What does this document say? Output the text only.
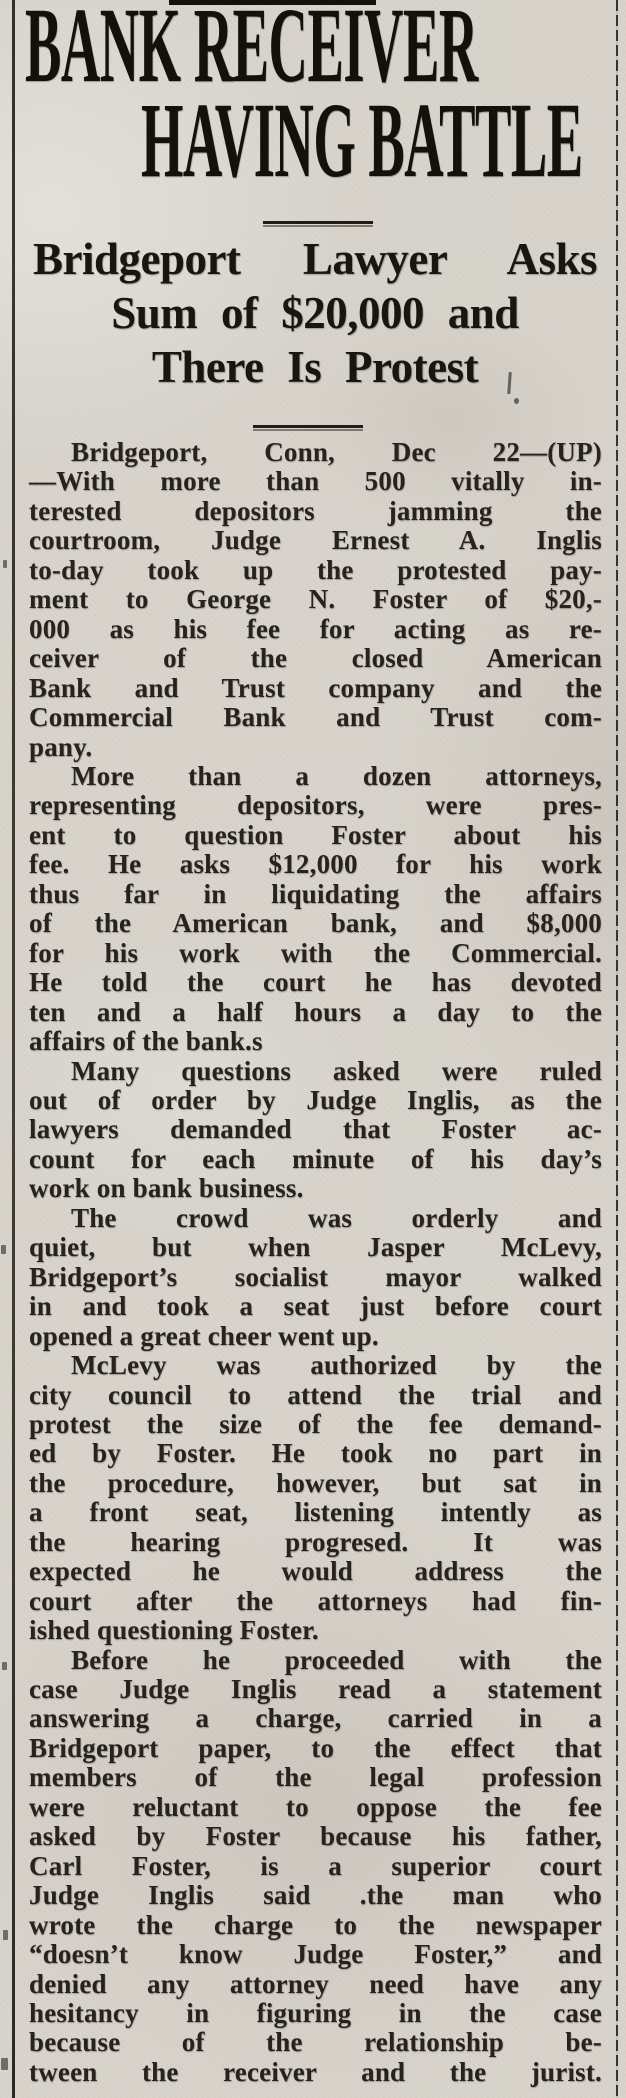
BANK RECEIVER
HAVING BATTLE
Bridgeport Lawyer Asks
Sum of $20,000 and
There Is Protest
Bridgeport, Conn, Dec 22—(UP)
—With more than 500 vitally in-
terested depositors jamming the
courtroom, Judge Ernest A. Inglis
to-day took up the protested pay-
ment to George N. Foster of $20,-
000 as his fee for acting as re-
ceiver of the closed American
Bank and Trust company and the
Commercial Bank and Trust com-
pany.
More than a dozen attorneys,
representing depositors, were pres-
ent to question Foster about his
fee. He asks $12,000 for his work
thus far in liquidating the affairs
of the American bank, and $8,000
for his work with the Commercial.
He told the court he has devoted
ten and a half hours a day to the
affairs of the bank.s
Many questions asked were ruled
out of order by Judge Inglis, as the
lawyers demanded that Foster ac-
count for each minute of his day’s
work on bank business.
The crowd was orderly and
quiet, but when Jasper McLevy,
Bridgeport’s socialist mayor walked
in and took a seat just before court
opened a great cheer went up.
McLevy was authorized by the
city council to attend the trial and
protest the size of the fee demand-
ed by Foster. He took no part in
the procedure, however, but sat in
a front seat, listening intently as
the hearing progresed. It was
expected he would address the
court after the attorneys had fin-
ished questioning Foster.
Before he proceeded with the
case Judge Inglis read a statement
answering a charge, carried in a
Bridgeport paper, to the effect that
members of the legal profession
were reluctant to oppose the fee
asked by Foster because his father,
Carl Foster, is a superior court
Judge Inglis said .the man who
wrote the charge to the newspaper
“doesn’t know Judge Foster,” and
denied any attorney need have any
hesitancy in figuring in the case
because of the relationship be-
tween the receiver and the jurist.
